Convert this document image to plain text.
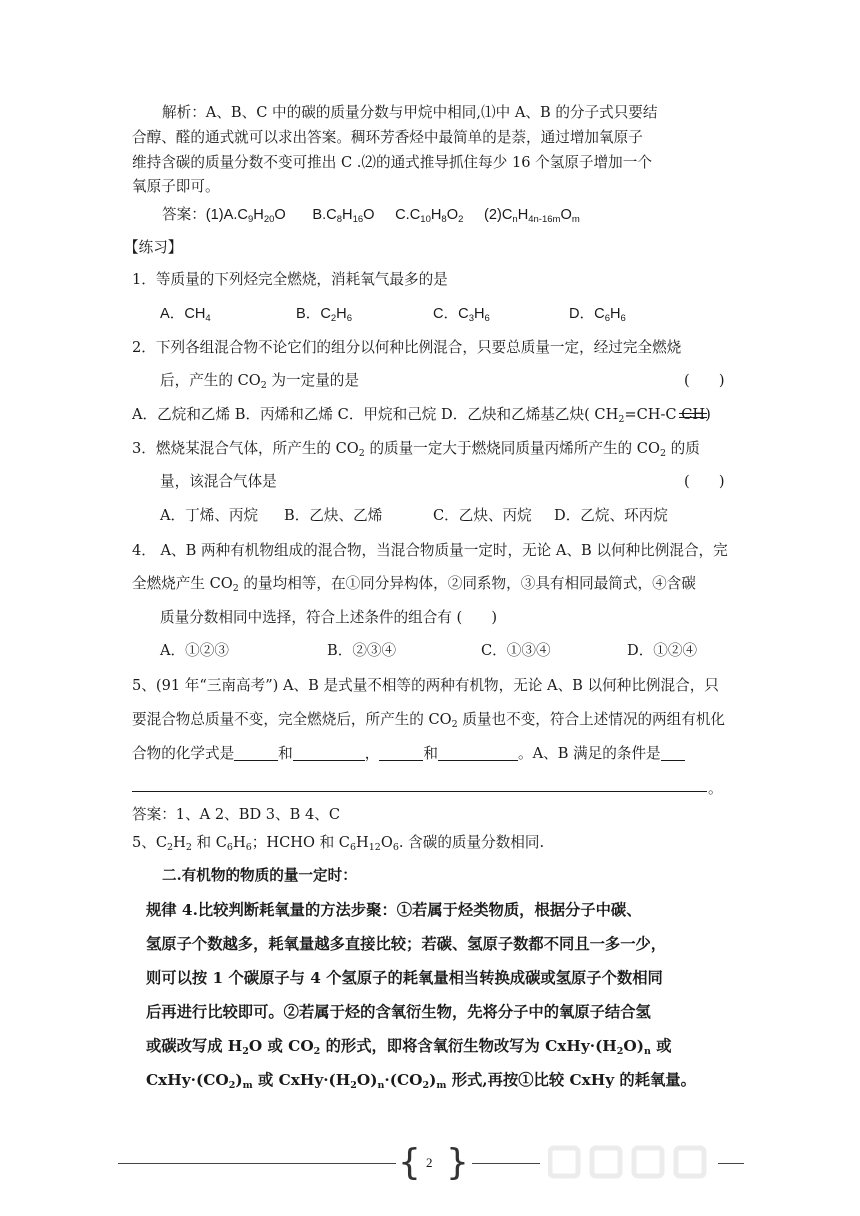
解析：A、B、C 中的碳的质量分数与甲烷中相同,⑴中 A、B 的分子式只要结
合醇、醛的通式就可以求出答案。稠环芳香烃中最简单的是萘，通过增加氧原子
维持含碳的质量分数不变可推出 C .⑵的通式推导抓住每少 16 个氢原子增加一个
氧原子即可。
答案：$(1)A.C_9H_{20}O$ $B.C_8H_{16}O$ $C.C_{10}H_8O_2$ $(2)C_nH_{4n-16m}O_m$
【练习】
1．等质量的下列烃完全燃烧，消耗氧气最多的是
A．$CH_4$	B．$C_2H_6$	C．$C_3H_6$	D．$C_6H_6$
2．下列各组混合物不论它们的组分以何种比例混合，只要总质量一定，经过完全燃烧
后，产生的 $CO_2$ 为一定量的是	(　　)
A．乙烷和乙烯 B．丙烯和乙烯 C．甲烷和己烷 D．乙炔和乙烯基乙炔( $CH_2=CH-C$ CH
)
3．燃烧某混合气体，所产生的 $CO_2$ 的质量一定大于燃烧同质量丙烯所产生的 $CO_2$ 的质
量，该混合气体是	(　　)
A．丁烯、丙烷 B．乙炔、乙烯	C．乙炔、丙烷 D．乙烷、环丙烷
4． A、B 两种有机物组成的混合物，当混合物质量一定时，无论 A、B 以何种比例混合，完
全燃烧产生 $CO_2$ 的量均相等，在①同分异构体，②同系物，③具有相同最简式，④含碳
质量分数相同中选择，符合上述条件的组合有 (　　)
A．①②③	B．②③④	C．①③④	D．①②④
5、(91 年“三南高考”) A、B 是式量不相等的两种有机物，无论 A、B 以何种比例混合，只
要混合物总质量不变，完全燃烧后，所产生的 $CO_2$ 质量也不变，符合上述情况的两组有机化
合物的化学式是	和	，	和	。A、B 满足的条件是
。
答案：1、A 2、BD 3、B 4、C
5、$C_2H_2$ 和 $C_6H_6$；HCHO 和 $C_6H_{12}O_6$. 含碳的质量分数相同.
二.有机物的物质的量一定时：
规律 4.比较判断耗氧量的方法步聚：①若属于烃类物质，根据分子中碳、
氢原子个数越多，耗氧量越多直接比较；若碳、氢原子数都不同且一多一少，
则可以按 1 个碳原子与 4 个氢原子的耗氧量相当转换成碳或氢原子个数相同
后再进行比较即可。②若属于烃的含氧衍生物，先将分子中的氧原子结合氢
或碳改写成 $H_2O$ 或 $CO_2$ 的形式，即将含氧衍生物改写为 $CxHy\cdot(H_2O)_n$ 或
$CxHy\cdot(CO_2)_m$ 或 $CxHy\cdot(H_2O)_n\cdot(CO_2)_m$ 形式,再按①比较 CxHy 的耗氧量。
{ 2 }
